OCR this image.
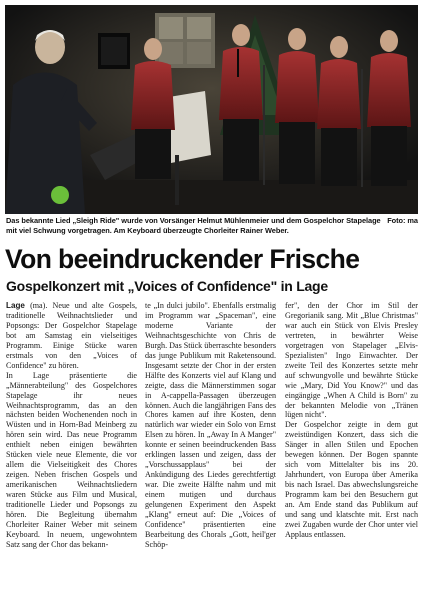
Foto: ma
Das bekannte Lied „Sleigh Ride" wurde von Vorsänger Helmut Mühlenmeier und dem Gospelchor Stapelage mit viel Schwung vorgetragen. Am Keyboard überzeugte Chorleiter Rainer Weber.
Von beeindruckender Frische
Gospelkonzert mit „Voices of Confidence" in Lage

Lage (ma). Neue und alte Gospels, traditionelle Weihnachtslieder und Popsongs: Der Gospelchor Stapelage bot am Samstag ein vielseitiges Programm. Einige Stücke waren erstmals von den „Voices of Confidence" zu hören.

In Lage präsentierte die „Männerabteilung" des Gospelchores Stapelage ihr neues Weihnachtsprogramm, das an den nächsten beiden Wochenenden noch in Wüsten und in Horn-Bad Meinberg zu hören sein wird. Das neue Programm enthielt neben einigen bewährten Stücken viele neue Elemente, die vor allem die Vielseitigkeit des Chores zeigen. Neben frischen Gospels und amerikanischen Weihnachtsliedern waren Stücke aus Film und Musical, traditionelle Lieder und Popsongs zu hören. Die Begleitung übernahm Chorleiter Rainer Weber mit seinem Keyboard. In neuem, ungewohntem Satz sang der Chor das bekann-

te „In dulci jubilo". Ebenfalls erstmalig im Programm war „Spaceman", eine moderne Variante der Weihnachtsgeschichte von Chris de Burgh. Das Stück überraschte besonders das junge Publikum mit Raketensound. Insgesamt setzte der Chor in der ersten Hälfte des Konzerts viel auf Klang und zeigte, dass die Männerstimmen sogar in A-cappella-Passagen überzeugen können. Auch die langjährigen Fans des Chores kamen auf ihre Kosten, denn natürlich war wieder ein Solo von Ernst Elsen zu hören. In „Away In A Manger" konnte er seinen beeindruckenden Bass erklingen lassen und zeigen, dass der „Vorschussapplaus" bei der Ankündigung des Liedes gerechtfertigt war. Die zweite Hälfte nahm und mit einem mutigen und durchaus gelungenen Experiment den Aspekt „Klang" erneut auf: Die „Voices of Confidence" präsentierten eine Bearbeitung des Chorals „Gott, heil'ger Schöp-

fer", den der Chor im Stil der Gregorianik sang. Mit „Blue Christmas" war auch ein Stück von Elvis Presley vertreten, in bewährter Weise vorgetragen von Stapelager „Elvis-Spezialisten" Ingo Einwachter. Der zweite Teil des Konzertes setzte mehr auf schwungvolle und bewährte Stücke wie „Mary, Did You Know?" und das eingängige „When A Child is Born" zu der bekannten Melodie von „Tränen lügen nicht".

Der Gospelchor zeigte in dem gut zweistündigen Konzert, dass sich die Sänger in allen Stilen und Epochen bewegen können. Der Bogen spannte sich vom Mittelalter bis ins 20. Jahrhundert, von Europa über Amerika bis nach Israel. Das abwechslungsreiche Programm kam bei den Besuchern gut an. Am Ende stand das Publikum auf und sang und klatschte mit. Erst nach zwei Zugaben wurde der Chor unter viel Applaus entlassen.
